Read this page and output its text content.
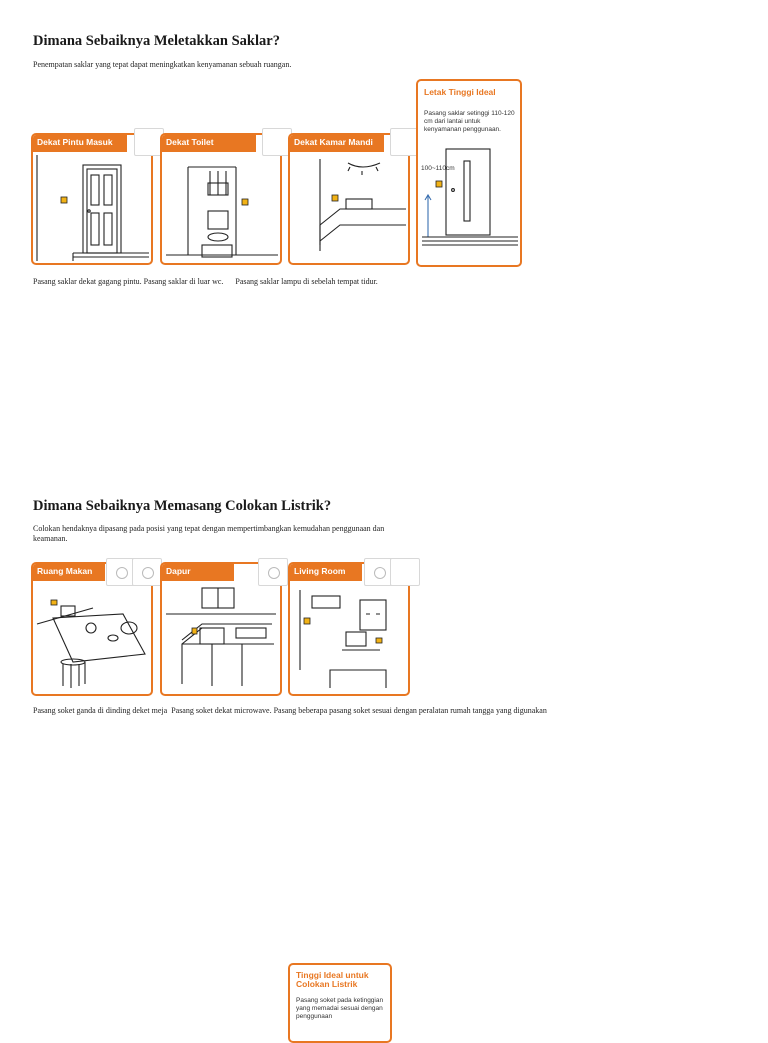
Dimana Sebaiknya Meletakkan Saklar?

Penempatan saklar yang tepat dapat meningkatkan kenyamanan sebuah ruangan.

Dekat Pintu Masuk	Dekat Toilet	Dekat Kamar Mandi
Letak Tinggi Ideal
Pasang saklar setinggi 110-120 cm dari lantai untuk kenyamanan penggunaan.
100~110cm

Pasang saklar dekat gagang pintu. Pasang saklar di luar wc.      Pasang saklar lampu di sebelah tempat tidur.

Dimana Sebaiknya Memasang Colokan Listrik?

Colokan hendaknya dipasang pada posisi yang tepat dengan mempertimbangkan kemudahan penggunaan dan keamanan.

Ruang Makan	Dapur	Living Room

Pasang soket ganda di dinding deket meja  Pasang soket dekat microwave. Pasang beberapa pasang soket sesuai dengan peralatan rumah tangga yang digunakan

Tinggi Ideal untuk Colokan Listrik
Pasang soket pada ketinggian yang memadai sesuai dengan penggunaan
